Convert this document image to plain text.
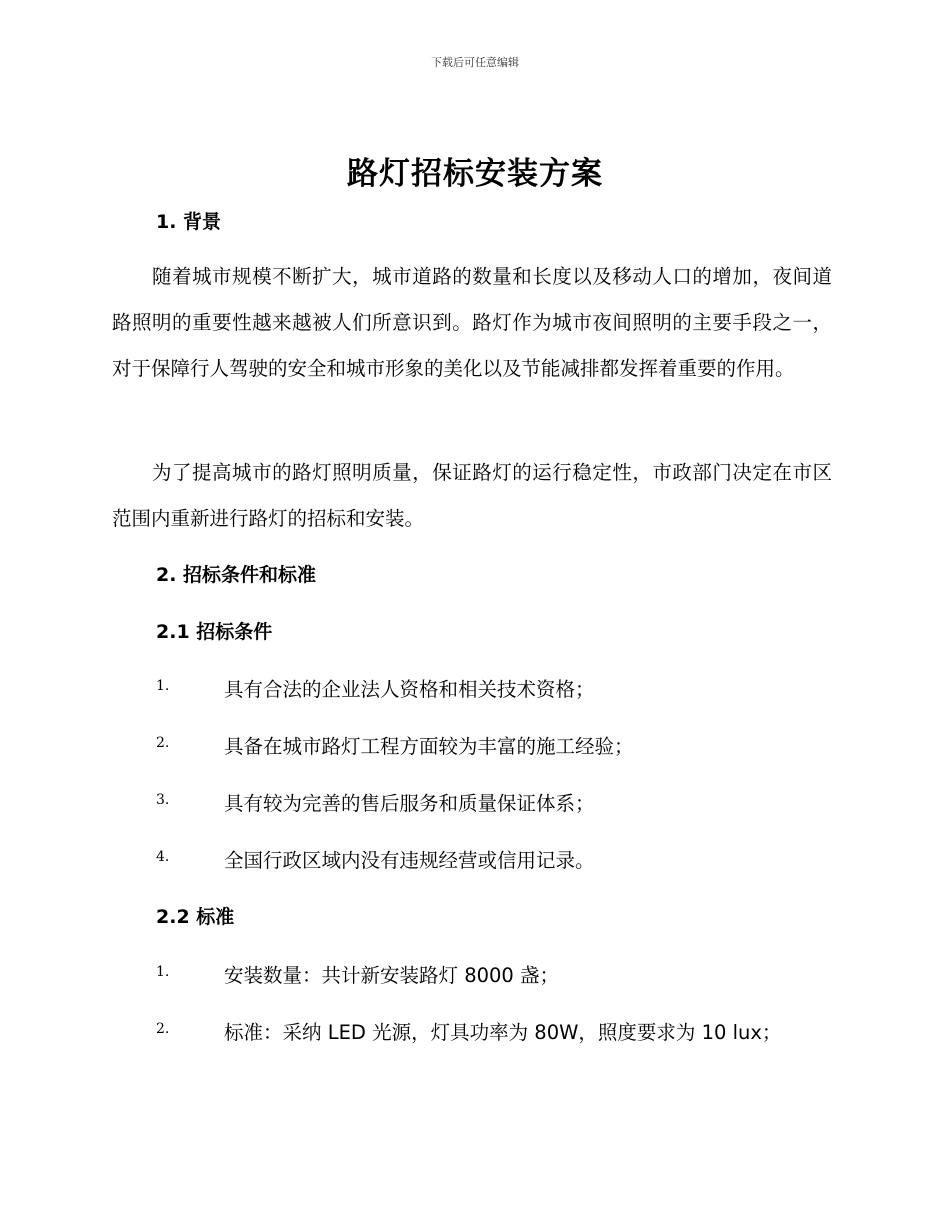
下载后可任意编辑
路灯招标安装方案
1. 背景

随着城市规模不断扩大，城市道路的数量和长度以及移动人口的增加，夜间道路照明的重要性越来越被人们所意识到。路灯作为城市夜间照明的主要手段之一，对于保障行人驾驶的安全和城市形象的美化以及节能减排都发挥着重要的作用。

为了提高城市的路灯照明质量，保证路灯的运行稳定性，市政部门决定在市区范围内重新进行路灯的招标和安装。

2. 招标条件和标准
2.1 招标条件
1.	具有合法的企业法人资格和相关技术资格；
2.	具备在城市路灯工程方面较为丰富的施工经验；
3.	具有较为完善的售后服务和质量保证体系；
4.	全国行政区域内没有违规经营或信用记录。
2.2 标准
1.	安装数量：共计新安装路灯 8000 盏；
2.	标准：采纳 LED 光源，灯具功率为 80W，照度要求为 10 lux；
